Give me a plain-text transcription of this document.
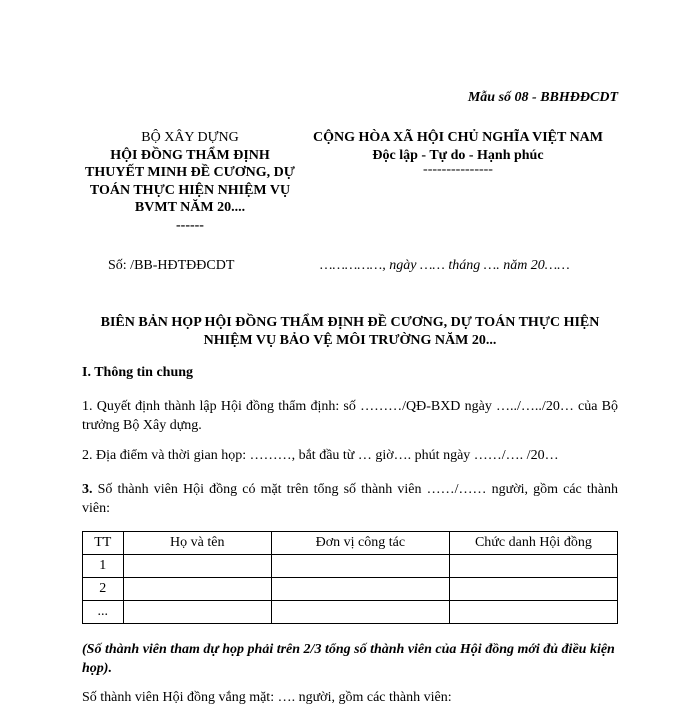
Mẫu số 08 - BBHĐĐCDT
BỘ XÂY DỰNG
HỘI ĐỒNG THẨM ĐỊNH THUYẾT MINH ĐỀ CƯƠNG, DỰ TOÁN THỰC HIỆN NHIỆM VỤ BVMT NĂM 20....
------
CỘNG HÒA XÃ HỘI CHỦ NGHĨA VIỆT NAM
Độc lập - Tự do - Hạnh phúc
---------------
Số: /BB-HĐTĐĐCDT	……………, ngày …… tháng …. năm 20……
BIÊN BẢN HỌP HỘI ĐỒNG THẨM ĐỊNH ĐỀ CƯƠNG, DỰ TOÁN THỰC HIỆN NHIỆM VỤ BẢO VỆ MÔI TRƯỜNG NĂM 20...
I. Thông tin chung
1. Quyết định thành lập Hội đồng thẩm định: số ………/QĐ-BXD ngày …../…../20… của Bộ trưởng Bộ Xây dựng.
2. Địa điểm và thời gian họp: ………, bắt đầu từ … giờ…. phút ngày ……/…. /20…
3. Số thành viên Hội đồng có mặt trên tổng số thành viên ……/…… người, gồm các thành viên:
TT	Họ và tên	Đơn vị công tác	Chức danh Hội đồng
1			
2			
...			
(Số thành viên tham dự họp phải trên 2/3 tổng số thành viên của Hội đồng mới đủ điều kiện họp).
Số thành viên Hội đồng vắng mặt: …. người, gồm các thành viên:
